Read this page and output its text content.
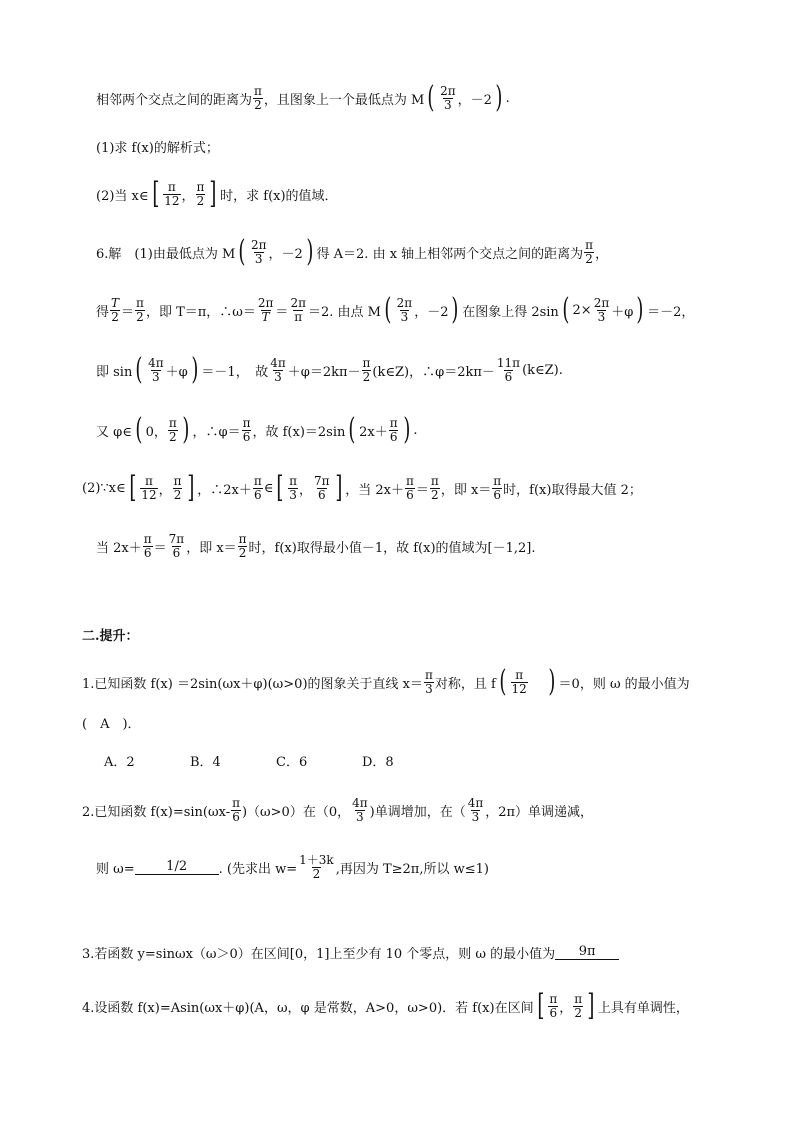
相邻两个交点之间的距离为 $\frac{\pi}{2}$ ，且图象上一个最低点为 M ( $\frac{2\pi}{3}$ ，－2 ) .
(1)求 f(x)的解析式；
(2)当 x∈ [ $\frac{\pi}{12}$ ， $\frac{\pi}{2}$ ] 时，求 f(x)的值域．
6.解　(1)由最低点为 M ( $\frac{2\pi}{3}$ ，－2 ) 得 A＝2. 由 x 轴上相邻两个交点之间的距离为 $\frac{\pi}{2}$ ，
得 $\frac{T}{2} = \frac{\pi}{2}$ ，即 T＝π，∴ω＝ $\frac{2\pi}{T} = \frac{2\pi}{\pi} =2$. 由点 M ( $\frac{2\pi}{3}$ ，－2 ) 在图象上得 2sin ( $2\times \frac{2\pi}{3} +\varphi$ ) ＝－2，
即 sin ( $\frac{4\pi}{3} +\varphi$ ) ＝－1，　故 $\frac{4\pi}{3} +\varphi=2k\pi- \frac{\pi}{2}$ (k∈Z)，∴φ＝2kπ－ $\frac{11\pi}{6}$ (k∈Z).
又 φ∈ ( 0， $\frac{\pi}{2}$ ) ，∴φ＝ $\frac{\pi}{6}$ ，故 f(x)＝2sin ( $2x+ \frac{\pi}{6}$ ) .
(2)∵x∈ [ $\frac{\pi}{12}$ ， $\frac{\pi}{2}$ ] ，∴2x＋ $\frac{\pi}{6}$ ∈ [ $\frac{\pi}{3}$ ， $\frac{7\pi}{6}$ ] ，当 $2x+ \frac{\pi}{6} = \frac{\pi}{2}$ ，即 $x= \frac{\pi}{6}$ 时，f(x)取得最大值 2；
当 $2x+ \frac{\pi}{6} = \frac{7\pi}{6}$ ，即 $x= \frac{\pi}{2}$ 时，f(x)取得最小值－1，故 f(x)的值域为[－1,2].
二.提升：
1.已知函数 f(x) ＝2sin(ωx＋φ)(ω>0)的图象关于直线 $x= \frac{\pi}{3}$ 对称，且 f ( $\frac{\pi}{12}$ ) ＝0，则 ω 的最小值为
(　A　)．
A．2	B．4	C．6	D．8
2.已知函数 $f(x)=\sin(\omega x- \frac{\pi}{6} )(\omega>0)$在（0， $\frac{4\pi}{3}$ )单调增加，在（ $\frac{4\pi}{3}$ ，2π）单调递减，
则 ω=	1/2	. (先求出 $w= \frac{1+3k}{2}$ ,再因为 T≥2π,所以 w≤1)
3.若函数 y=sinωx（ω＞0）在区间[0，1]上至少有 10 个零点，则 ω 的最小值为	9π
4.设函数 f(x)=Asin(ωx＋φ)(A，ω，φ 是常数，A>0，ω>0)．若 f(x)在区间 [ $\frac{\pi}{6}$ ， $\frac{\pi}{2}$ ] 上具有单调性，
